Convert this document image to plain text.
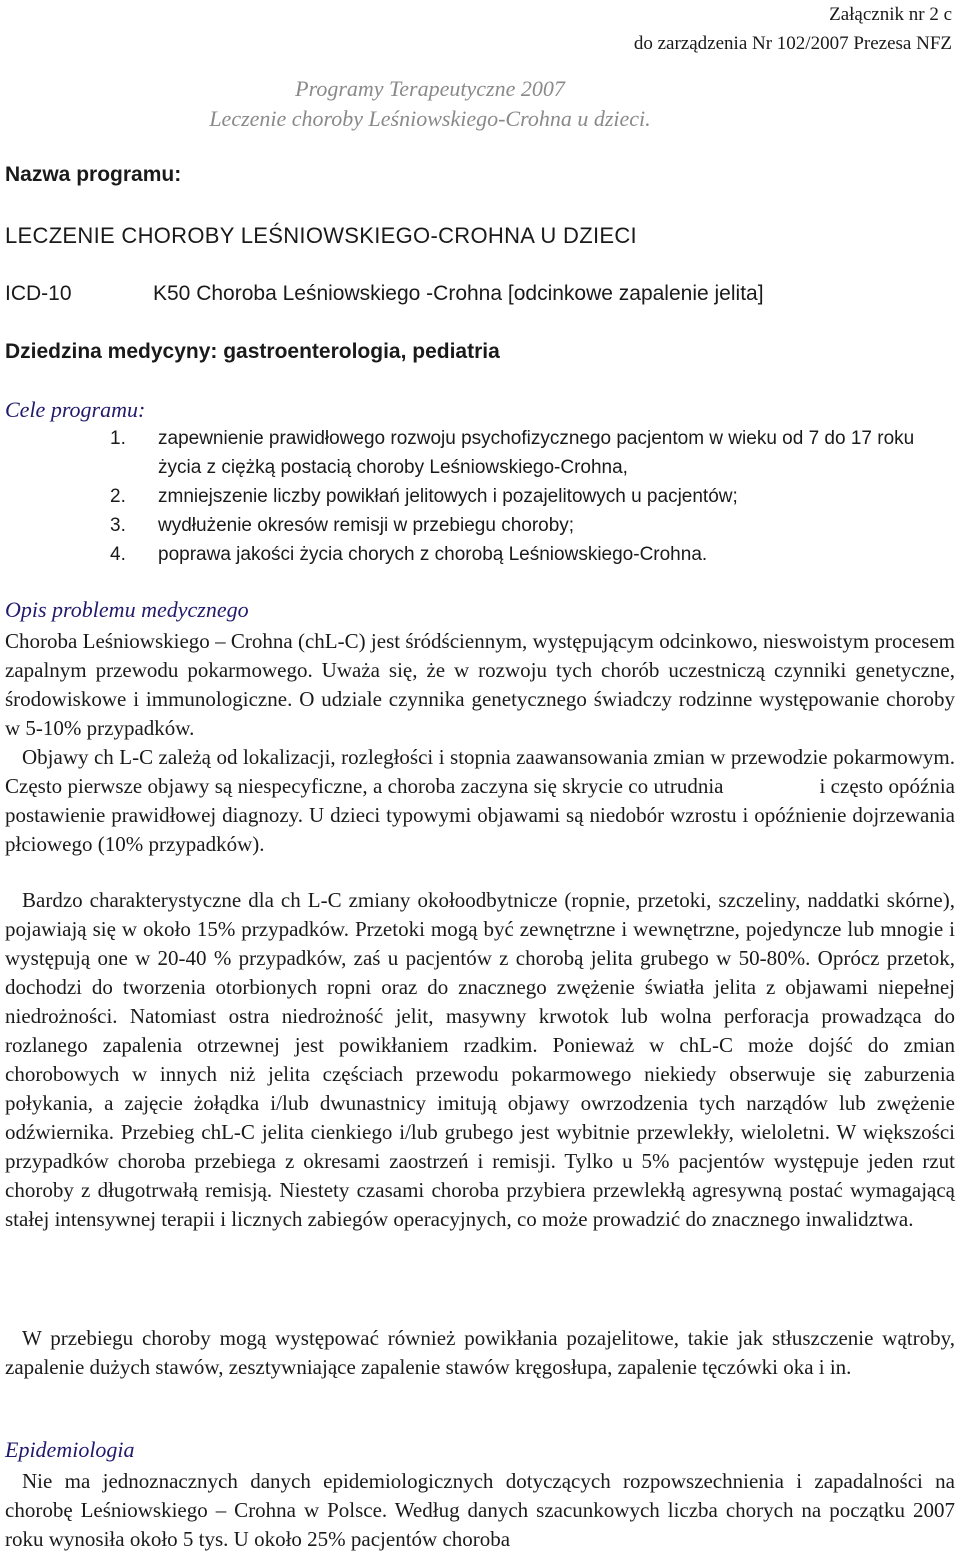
Załącznik nr 2 c
do zarządzenia Nr 102/2007 Prezesa NFZ
Programy Terapeutyczne 2007
Leczenie choroby Leśniowskiego-Crohna u dzieci.
Nazwa programu:
LECZENIE CHOROBY LEŚNIOWSKIEGO-CROHNA U DZIECI
ICD-10	K50 Choroba Leśniowskiego -Crohna [odcinkowe zapalenie jelita]
Dziedzina medycyny: gastroenterologia, pediatria
Cele programu:
1.	zapewnienie prawidłowego rozwoju psychofizycznego pacjentom w wieku od 7 do 17 roku życia z ciężką postacią choroby Leśniowskiego-Crohna,
2.	zmniejszenie liczby powikłań jelitowych i pozajelitowych u pacjentów;
3.	wydłużenie okresów remisji w przebiegu choroby;
4.	poprawa jakości życia chorych z chorobą Leśniowskiego-Crohna.
Opis problemu medycznego

Choroba Leśniowskiego – Crohna (chL-C) jest śródściennym, występującym odcinkowo, nieswoistym procesem zapalnym przewodu pokarmowego. Uważa się, że w rozwoju tych chorób uczestniczą czynniki genetyczne, środowiskowe i immunologiczne. O udziale czynnika genetycznego świadczy rodzinne występowanie choroby w 5-10% przypadków.

Objawy ch L-C zależą od lokalizacji, rozległości i stopnia zaawansowania zmian w przewodzie pokarmowym. Często pierwsze objawy są niespecyficzne, a choroba zaczyna się skrycie co utrudnia	i często opóźnia postawienie prawidłowej diagnozy. U dzieci typowymi objawami są niedobór wzrostu i opóźnienie dojrzewania płciowego (10% przypadków).

Bardzo charakterystyczne dla ch L-C zmiany okołoodbytnicze (ropnie, przetoki, szczeliny, naddatki skórne), pojawiają się w około 15% przypadków. Przetoki mogą być zewnętrzne i wewnętrzne, pojedyncze lub mnogie i występują one w 20-40 % przypadków, zaś u pacjentów z chorobą jelita grubego w 50-80%. Oprócz przetok, dochodzi do tworzenia otorbionych ropni oraz do znacznego zwężenie światła jelita z objawami niepełnej niedrożności. Natomiast ostra niedrożność jelit, masywny krwotok lub wolna perforacja prowadząca do rozlanego zapalenia otrzewnej jest powikłaniem rzadkim. Ponieważ w chL-C może dojść do zmian chorobowych w innych niż jelita częściach przewodu pokarmowego niekiedy obserwuje się zaburzenia połykania, a zajęcie żołądka i/lub dwunastnicy imitują objawy owrzodzenia tych narządów lub zwężenie odźwiernika. Przebieg chL-C jelita cienkiego i/lub grubego jest wybitnie przewlekły, wieloletni. W większości przypadków choroba przebiega z okresami zaostrzeń i remisji. Tylko u 5% pacjentów występuje jeden rzut choroby z długotrwałą remisją. Niestety czasami choroba przybiera przewlekłą agresywną postać wymagającą stałej intensywnej terapii i licznych zabiegów operacyjnych, co może prowadzić do znacznego inwalidztwa.

W przebiegu choroby mogą występować również powikłania pozajelitowe, takie jak stłuszczenie wątroby, zapalenie dużych stawów, zesztywniające zapalenie stawów kręgosłupa, zapalenie tęczówki oka i in.

Epidemiologia

Nie ma jednoznacznych danych epidemiologicznych dotyczących rozpowszechnienia i zapadalności na chorobę Leśniowskiego – Crohna w Polsce. Według danych szacunkowych liczba chorych na początku 2007 roku wynosiła około 5 tys. U około 25% pacjentów choroba
